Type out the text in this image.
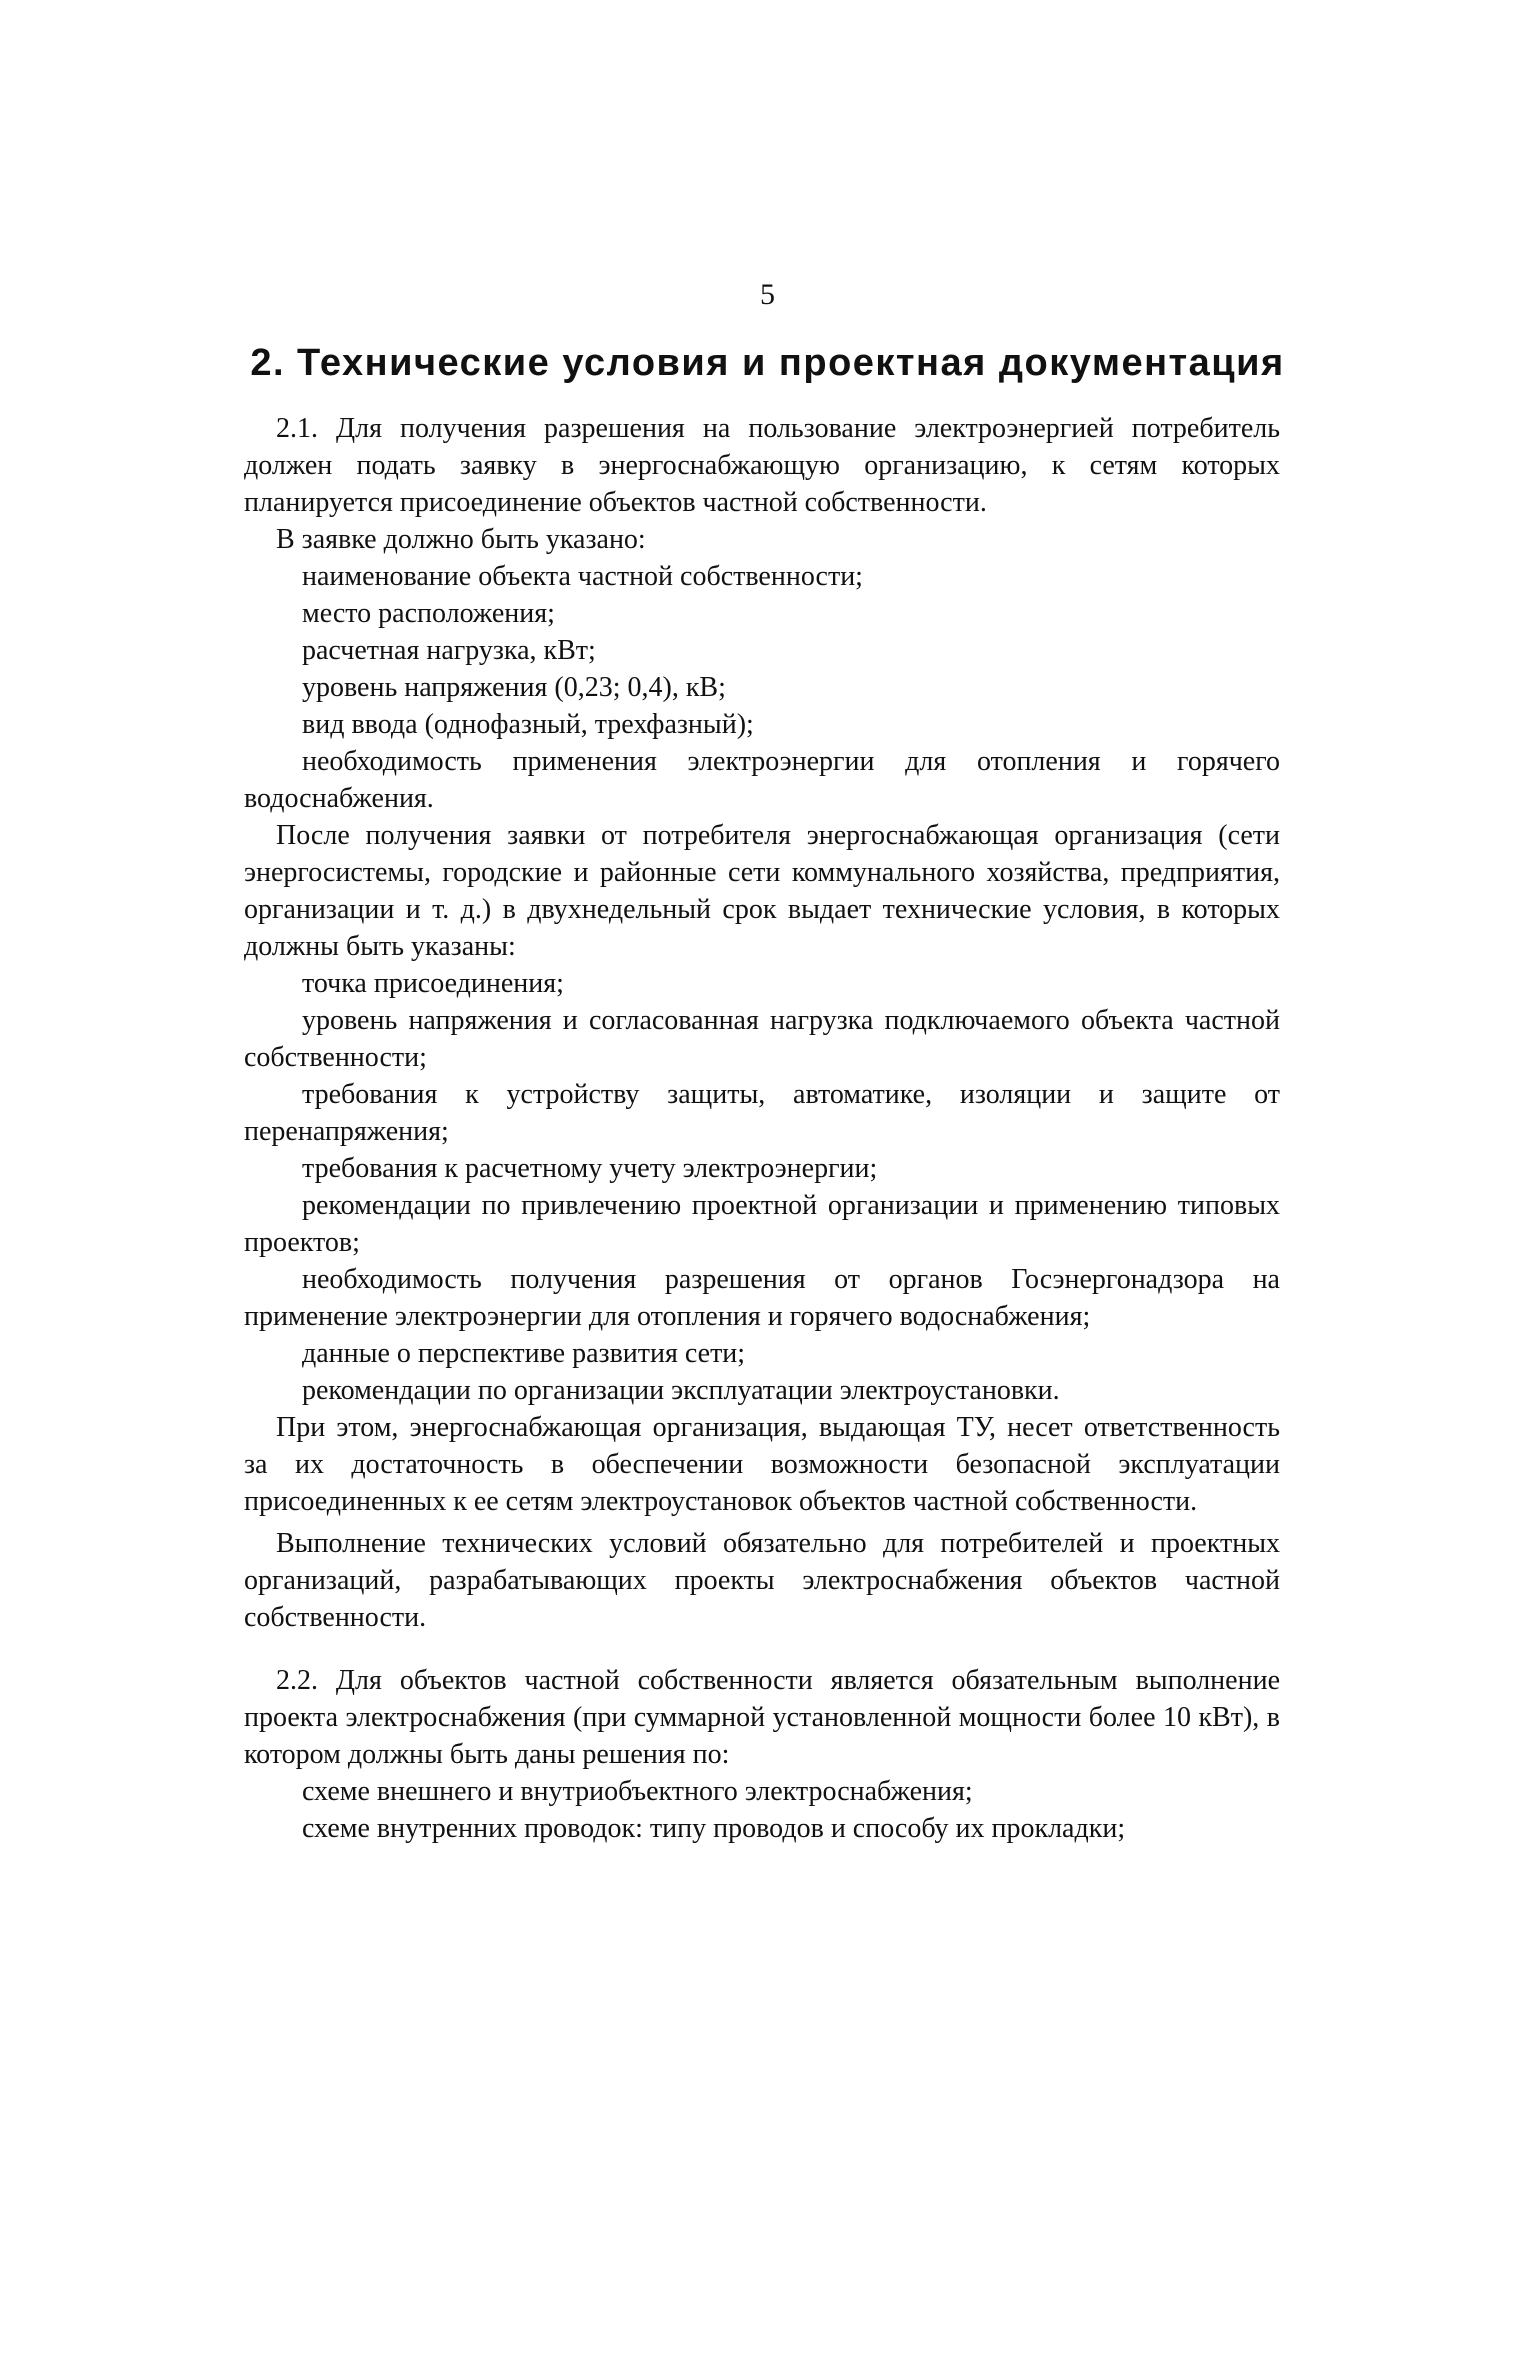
5
2. Технические условия и проектная документация

2.1. Для получения разрешения на пользование электроэнергией потребитель должен подать заявку в энергоснабжающую организацию, к сетям которых планируется присоединение объектов частной собственности.

В заявке должно быть указано:

наименование объекта частной собственности;

место расположения;

расчетная нагрузка, кВт;

уровень напряжения (0,23; 0,4), кВ;

вид ввода (однофазный, трехфазный);

необходимость применения электроэнергии для отопления и горячего водоснабжения.

После получения заявки от потребителя энергоснабжающая организация (сети энергосистемы, городские и районные сети коммунального хозяйства, предприятия, организации и т. д.) в двухнедельный срок выдает технические условия, в которых должны быть указаны:

точка присоединения;

уровень напряжения и согласованная нагрузка подключаемого объекта частной собственности;

требования к устройству защиты, автоматике, изоляции и защите от перенапряжения;

требования к расчетному учету электроэнергии;

рекомендации по привлечению проектной организации и применению типовых проектов;

необходимость получения разрешения от органов Госэнергонадзора на применение электроэнергии для отопления и горячего водоснабжения;

данные о перспективе развития сети;

рекомендации по организации эксплуатации электроустановки.

При этом, энергоснабжающая организация, выдающая ТУ, несет ответственность за их достаточность в обеспечении возможности безопасной эксплуатации присоединенных к ее сетям электроустановок объектов частной собственности.

Выполнение технических условий обязательно для потребителей и проектных организаций, разрабатывающих проекты электроснабжения объектов частной собственности.

2.2. Для объектов частной собственности является обязательным выполнение проекта электроснабжения (при суммарной установленной мощности более 10 кВт), в котором должны быть даны решения по:

схеме внешнего и внутриобъектного электроснабжения;

схеме внутренних проводок: типу проводов и способу их прокладки;
